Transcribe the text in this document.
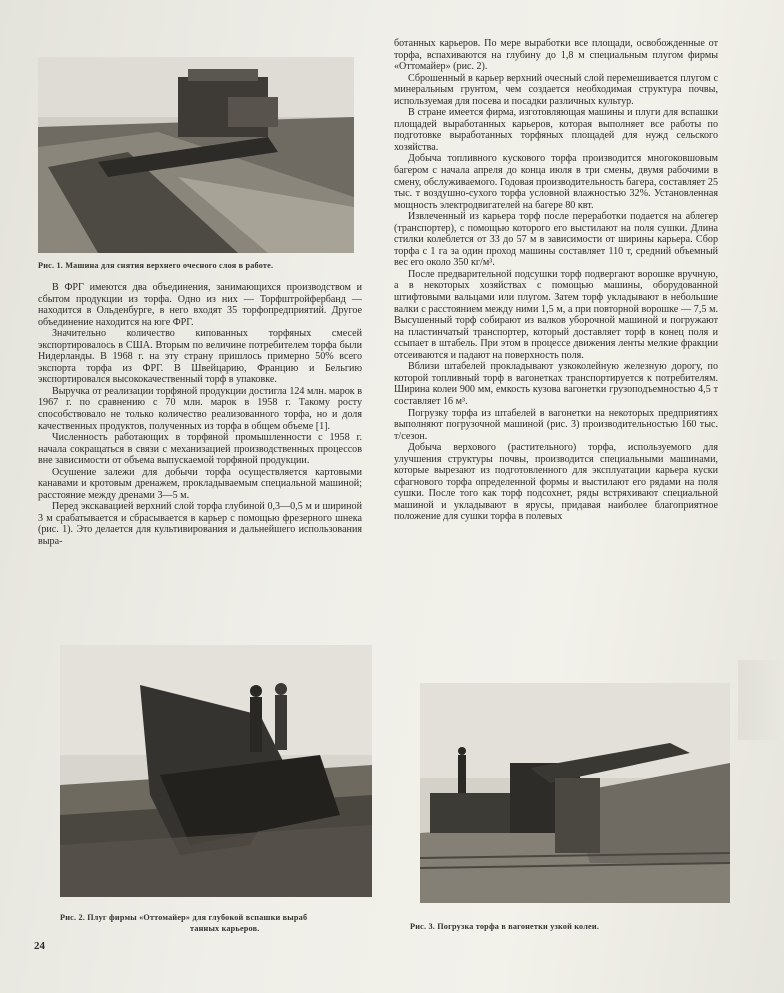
Рис. 1. Машина для снятия верхнего очесного слоя в работе.

В ФРГ имеются два объединения, занимающихся производством и сбытом продукции из торфа. Одно из них — Торфштройфербанд — находится в Ольденбурге, в него входят 35 торфопредприятий. Другое объединение находится на юге ФРГ.

Значительно количество кипованных торфяных смесей экспортировалось в США. Вторым по величине потребителем торфа были Нидерланды. В 1968 г. на эту страну пришлось примерно 50% всего экспорта торфа из ФРГ. В Швейцарию, Францию и Бельгию экспортировался высококачественный торф в упаковке.

Выручка от реализации торфяной продукции достигла 124 млн. марок в 1967 г. по сравнению с 70 млн. марок в 1958 г. Такому росту способствовало не только количество реализованного торфа, но и доля качественных продуктов, полученных из торфа в общем объеме [1].

Численность работающих в торфяной промышленности с 1958 г. начала сокращаться в связи с механизацией производственных процессов вне зависимости от объема выпускаемой торфяной продукции.

Осушение залежи для добычи торфа осуществляется картовыми канавами и кротовым дренажем, прокладываемым специальной машиной; расстояние между дренами 3—5 м.

Перед экскавацией верхний слой торфа глубиной 0,3—0,5 м и шириной 3 м срабатывается и сбрасывается в карьер с помощью фрезерного шнека (рис. 1). Это делается для культивирования и дальнейшего использования выра-

ботанных карьеров. По мере выработки все площади, освобожденные от торфа, вспахиваются на глубину до 1,8 м специальным плугом фирмы «Оттомайер» (рис. 2).

Сброшенный в карьер верхний очесный слой перемешивается плугом с минеральным грунтом, чем создается необходимая структура почвы, используемая для посева и посадки различных культур.

В стране имеется фирма, изготовляющая машины и плуги для вспашки площадей выработанных карьеров, которая выполняет все работы по подготовке выработанных торфяных площадей для нужд сельского хозяйства.

Добыча топливного кускового торфа производится многоковшовым багером с начала апреля до конца июля в три смены, двумя рабочими в смену, обслуживаемого. Годовая производительность багера, составляет 25 тыс. т воздушно-сухого торфа условной влажностью 32%. Установленная мощность электродвигателей на багере 80 квт.

Извлеченный из карьера торф после переработки подается на аблегер (транспортер), с помощью которого его выстилают на поля сушки. Длина стилки колеблется от 33 до 57 м в зависимости от ширины карьера. Сбор торфа с 1 га за один проход машины составляет 110 т, средний объемный вес его около 350 кг/м³.

После предварительной подсушки торф подвергают ворошке вручную, а в некоторых хозяйствах с помощью машины, оборудованной штифтовыми вальцами или плугом. Затем торф укладывают в небольшие валки с расстоянием между ними 1,5 м, а при повторной ворошке — 7,5 м. Высушенный торф собирают из валков уборочной машиной и погружают на пластинчатый транспортер, который доставляет торф в конец поля и ссыпает в штабель. При этом в процессе движения ленты мелкие фракции отсеиваются и падают на поверхность поля.

Вблизи штабелей прокладывают узкоколейную железную дорогу, по которой топливный торф в вагонетках транспортируется к потребителям. Ширина колеи 900 мм, емкость кузова вагонетки грузоподъемностью 4,5 т составляет 16 м³.

Погрузку торфа из штабелей в вагонетки на некоторых предприятиях выполняют погрузочной машиной (рис. 3) производительностью 160 тыс. т/сезон.

Добыча верхового (растительного) торфа, используемого для улучшения структуры почвы, производится специальными машинами, которые вырезают из подготовленного для эксплуатации карьера куски сфагнового торфа определенной формы и выстилают его рядами на поля сушки. После того как торф подсохнет, ряды встряхивают специальной машиной и укладывают в ярусы, придавая наиболее благоприятное положение для сушки торфа в полевых

Рис. 2. Плуг фирмы «Оттомайер» для глубокой вспашки выраб
танных карьеров.	Рис. 3. Погрузка торфа в вагонетки узкой колеи.
24
